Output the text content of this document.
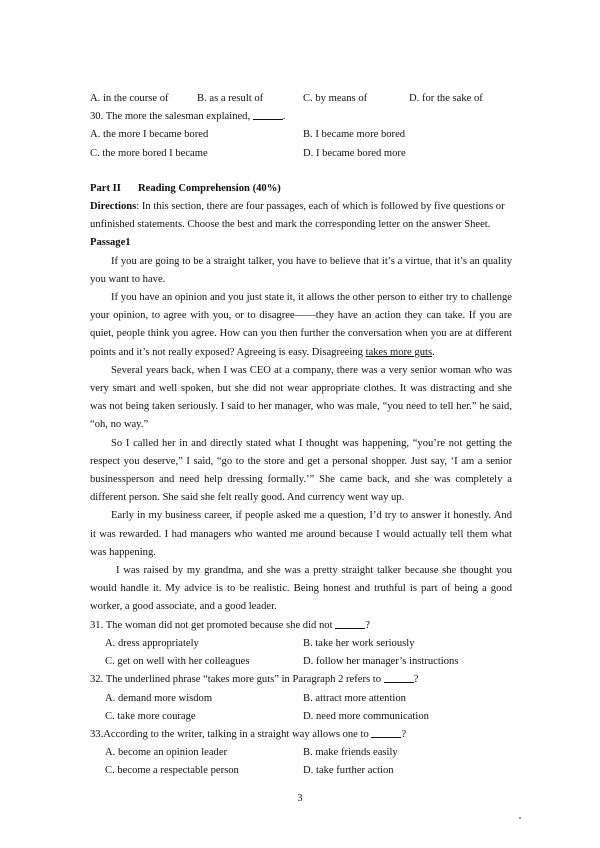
A. in the course of	B. as a result of	C. by means of	D. for the sake of
30. The more the salesman explained,	.
A. the more I became bored	B. I became more bored
C. the more bored I became	D. I became bored more
Part II Reading Comprehension (40%)
Directions: In this section, there are four passages, each of which is followed by five questions or
unfinished statements. Choose the best and mark the corresponding letter on the answer Sheet.
Passage1

If you are going to be a straight talker, you have to believe that it’s a virtue, that it’s an quality you want to have.

If you have an opinion and you just state it, it allows the other person to either try to challenge your opinion, to agree with you, or to disagree——they have an action they can take. If you are quiet, people think you agree. How can you then further the conversation when you are at different points and it’s not really exposed? Agreeing is easy. Disagreeing takes more guts.

Several years back, when I was CEO at a company, there was a very senior woman who was very smart and well spoken, but she did not wear appropriate clothes. It was distracting and she was not being taken seriously. I said to her manager, who was male, “you need to tell her.” he said, “oh, no way.”

So I called her in and directly stated what I thought was happening, “you’re not getting the respect you deserve,” I said, “go to the store and get a personal shopper. Just say, ‘I am a senior businessperson and need help dressing formally.’” She came back, and she was completely a different person. She said she felt really good. And currency went way up.

Early in my business career, if people asked me a question, I’d try to answer it honestly. And it was rewarded. I had managers who wanted me around because I would actually tell them what was happening.

I was raised by my grandma, and she was a pretty straight talker because she thought you would handle it. My advice is to be realistic. Being honest and truthful is part of being a good worker, a good associate, and a good leader.

31. The woman did not get promoted because she did not	?
A. dress appropriately	B. take her work seriously
C. get on well with her colleagues	D. follow her manager’s instructions
32. The underlined phrase “takes more guts” in Paragraph 2 refers to	?
A. demand more wisdom	B. attract more attention
C. take more courage	D. need more communication
33.According to the writer, talking in a straight way allows one to	?
A. become an opinion leader	B. make friends easily
C. become a respectable person	D. take further action
3
